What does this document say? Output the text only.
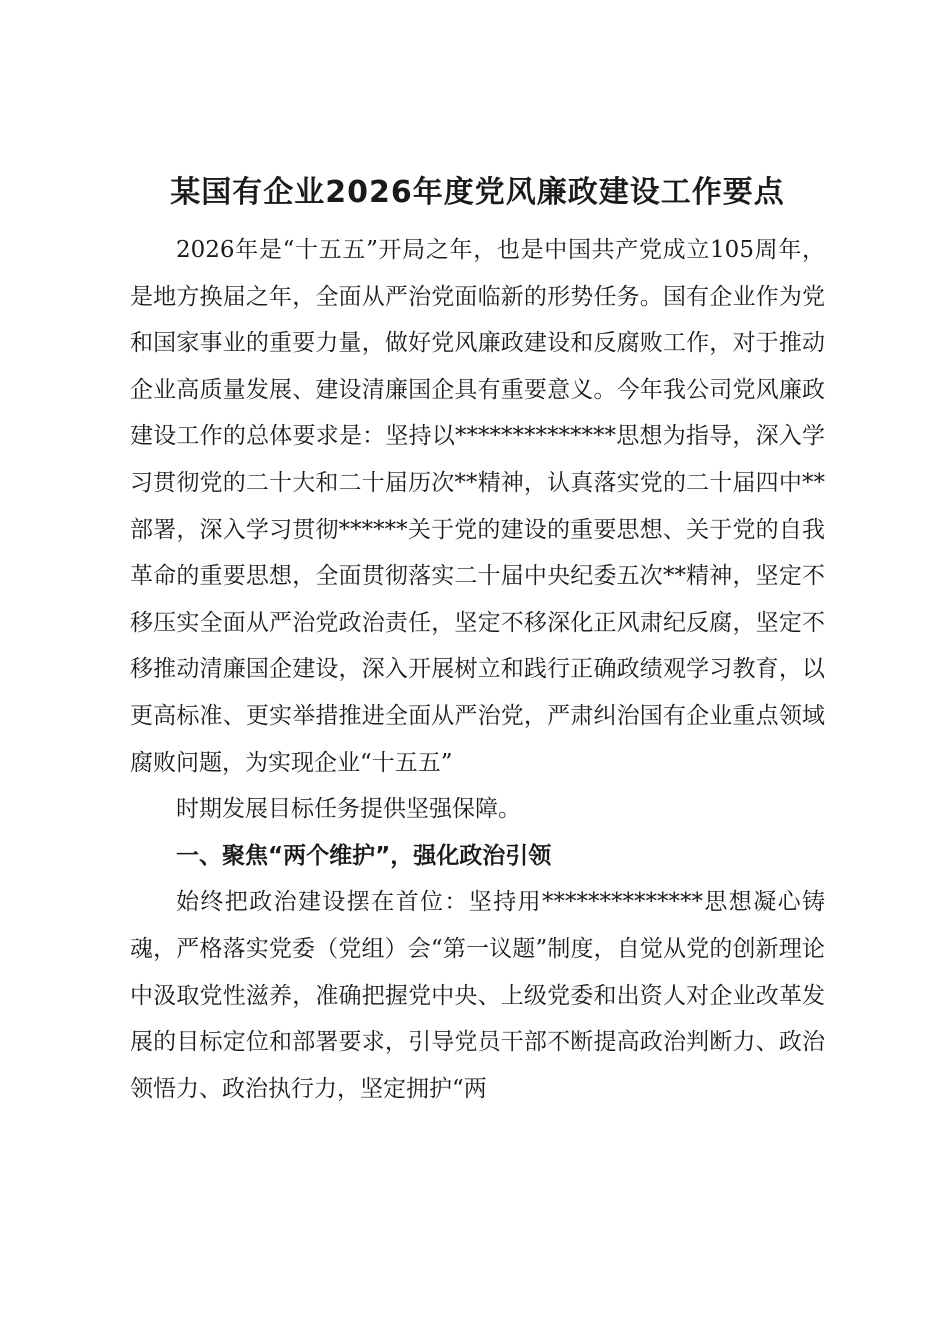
某国有企业2026年度党风廉政建设工作要点

2026年是“十五五”开局之年，也是中国共产党成立105周年，是地方换届之年，全面从严治党面临新的形势任务。国有企业作为党和国家事业的重要力量，做好党风廉政建设和反腐败工作，对于推动企业高质量发展、建设清廉国企具有重要意义。今年我公司党风廉政建设工作的总体要求是：坚持以**************思想为指导，深入学习贯彻党的二十大和二十届历次**精神，认真落实党的二十届四中**部署，深入学习贯彻******关于党的建设的重要思想、关于党的自我革命的重要思想，全面贯彻落实二十届中央纪委五次**精神，坚定不移压实全面从严治党政治责任，坚定不移深化正风肃纪反腐，坚定不移推动清廉国企建设，深入开展树立和践行正确政绩观学习教育，以更高标准、更实举措推进全面从严治党，严肃纠治国有企业重点领域腐败问题，为实现企业“十五五”

时期发展目标任务提供坚强保障。

一、聚焦“两个维护”，强化政治引领

始终把政治建设摆在首位：坚持用**************思想凝心铸魂，严格落实党委（党组）会“第一议题”制度，自觉从党的创新理论中汲取党性滋养，准确把握党中央、上级党委和出资人对企业改革发展的目标定位和部署要求，引导党员干部不断提高政治判断力、政治领悟力、政治执行力，坚定拥护“两
